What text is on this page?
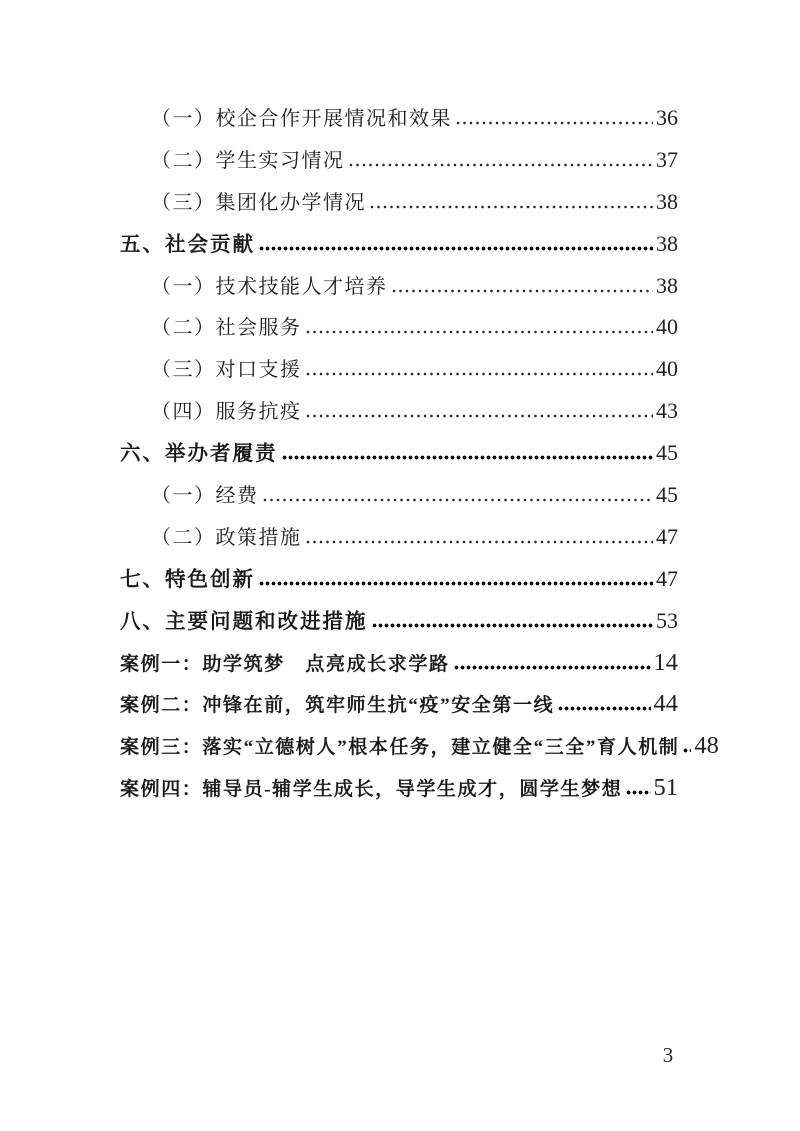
（一）校企合作开展情况和效果	36
（二）学生实习情况	37
（三）集团化办学情况	38
五、社会贡献	38
（一）技术技能人才培养	38
（二）社会服务	40
（三）对口支援	40
（四）服务抗疫	43
六、举办者履责	45
（一）经费	45
（二）政策措施	47
七、特色创新	47
八、主要问题和改进措施	53
案例一：助学筑梦　点亮成长求学路	14
案例二：冲锋在前，筑牢师生抗“疫”安全第一线	44
案例三：落实“立德树人”根本任务，建立健全“三全”育人机制 48
案例四：辅导员-辅学生成长，导学生成才，圆学生梦想 51
3
